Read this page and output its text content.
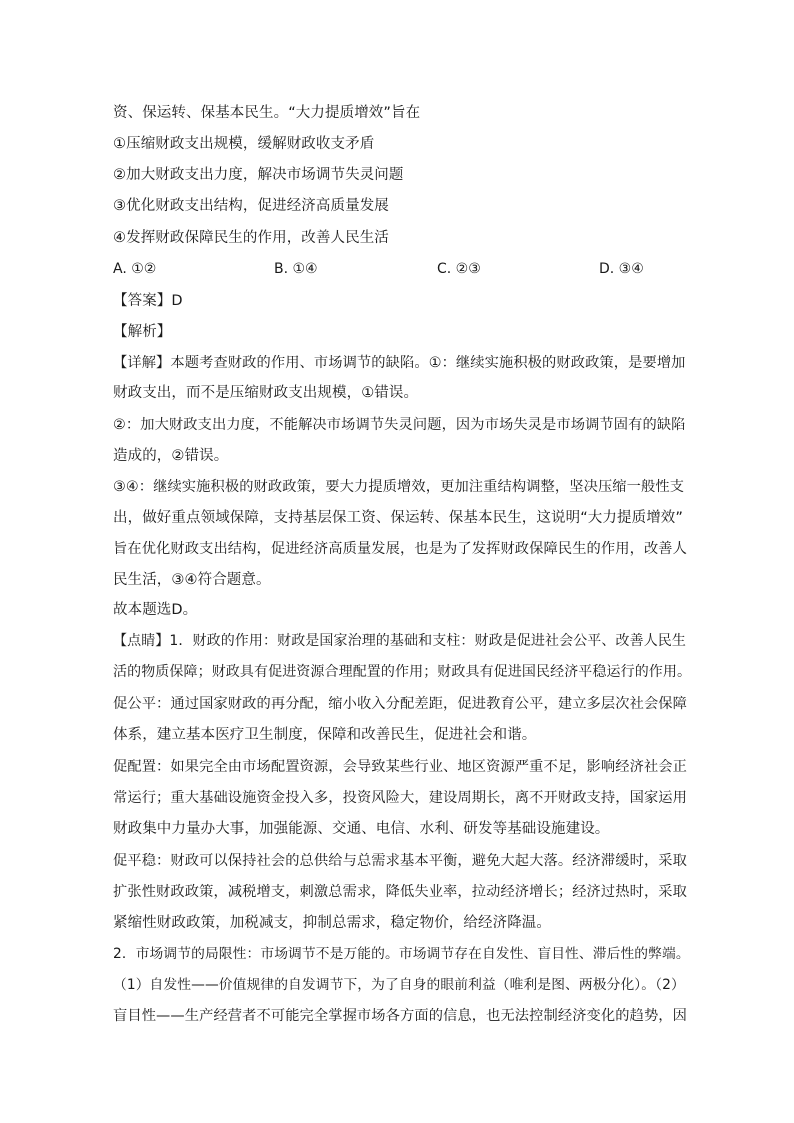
资、保运转、保基本民生。“大力提质增效”旨在
①压缩财政支出规模，缓解财政收支矛盾
②加大财政支出力度，解决市场调节失灵问题
③优化财政支出结构，促进经济高质量发展
④发挥财政保障民生的作用，改善人民生活
A. ①②	B. ①④	C. ②③	D. ③④
【答案】D
【解析】
【详解】本题考查财政的作用、市场调节的缺陷。①：继续实施积极的财政政策，是要增加
财政支出，而不是压缩财政支出规模，①错误。
②：加大财政支出力度，不能解决市场调节失灵问题，因为市场失灵是市场调节固有的缺陷
造成的，②错误。
③④：继续实施积极的财政政策，要大力提质增效，更加注重结构调整，坚决压缩一般性支
出，做好重点领域保障，支持基层保工资、保运转、保基本民生，这说明“大力提质增效”
旨在优化财政支出结构，促进经济高质量发展，也是为了发挥财政保障民生的作用，改善人
民生活，③④符合题意。
故本题选D。
【点睛】1．财政的作用：财政是国家治理的基础和支柱：财政是促进社会公平、改善人民生
活的物质保障；财政具有促进资源合理配置的作用；财政具有促进国民经济平稳运行的作用。
促公平：通过国家财政的再分配，缩小收入分配差距，促进教育公平，建立多层次社会保障
体系，建立基本医疗卫生制度，保障和改善民生，促进社会和谐。
促配置：如果完全由市场配置资源，会导致某些行业、地区资源严重不足，影响经济社会正
常运行；重大基础设施资金投入多，投资风险大，建设周期长，离不开财政支持，国家运用
财政集中力量办大事，加强能源、交通、电信、水利、研发等基础设施建设。
促平稳：财政可以保持社会的总供给与总需求基本平衡，避免大起大落。经济滞缓时，采取
扩张性财政政策，减税增支，刺激总需求，降低失业率，拉动经济增长；经济过热时，采取
紧缩性财政政策，加税减支，抑制总需求，稳定物价，给经济降温。
2．市场调节的局限性：市场调节不是万能的。市场调节存在自发性、盲目性、滞后性的弊端。
（1）自发性——价值规律的自发调节下，为了自身的眼前利益（唯利是图、两极分化）。（2）
盲目性——生产经营者不可能完全掌握市场各方面的信息，也无法控制经济变化的趋势，因
